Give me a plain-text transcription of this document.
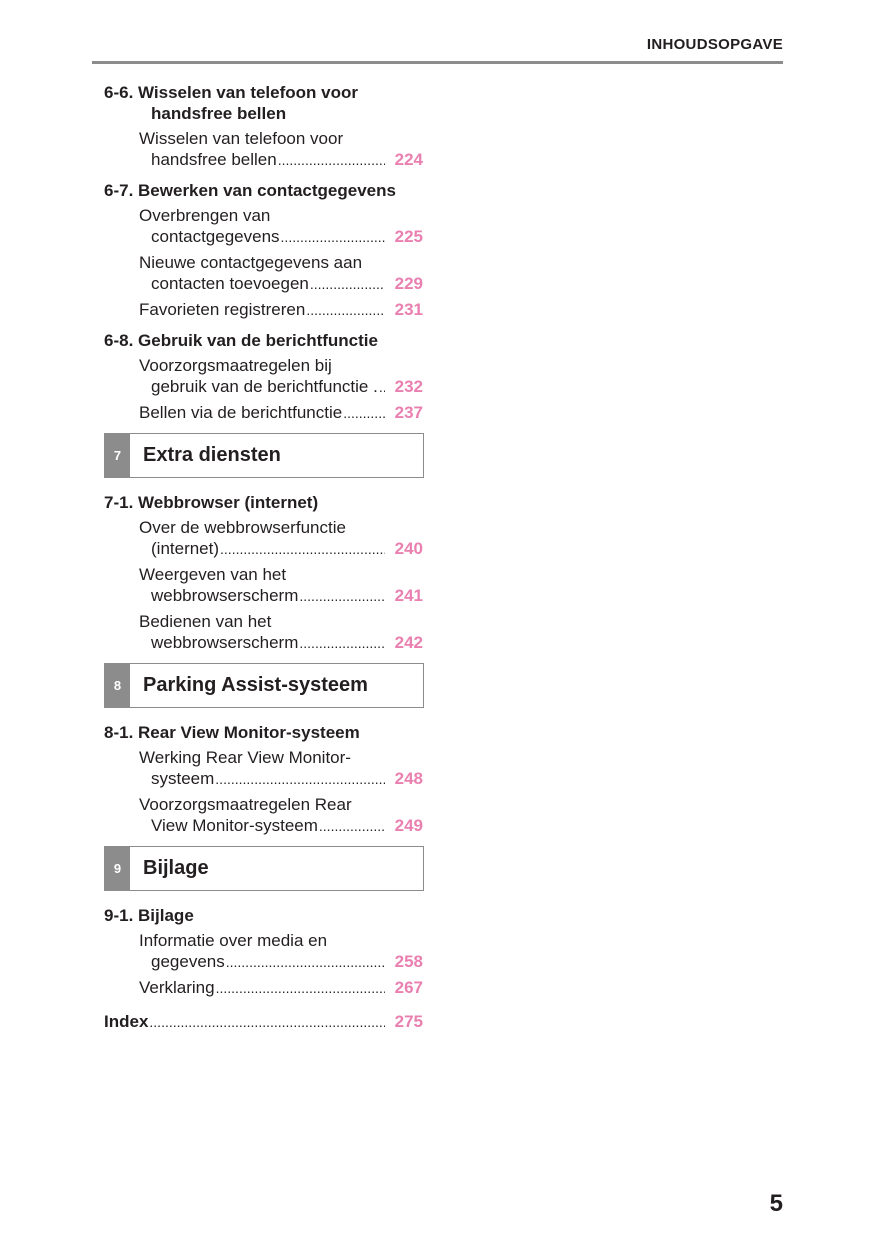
INHOUDSOPGAVE
6-6. Wisselen van telefoon voor
handsfree bellen
Wisselen van telefoon voor
handsfree bellen .....	224
6-7. Bewerken van contactgegevens
Overbrengen van
contactgegevens .....	225
Nieuwe contactgegevens aan
contacten toevoegen .....	229
Favorieten registreren .....	231
6-8. Gebruik van de berichtfunctie
Voorzorgsmaatregelen bij
gebruik van de berichtfunctie . ..... 232
Bellen via de berichtfunctie .....	237
7	Extra diensten
7-1. Webbrowser (internet)
Over de webbrowserfunctie
(internet) .....	240
Weergeven van het
webbrowserscherm .....	241
Bedienen van het
webbrowserscherm .....	242
8	Parking Assist-systeem
8-1. Rear View Monitor-systeem
Werking Rear View Monitor-
systeem .....	248
Voorzorgsmaatregelen Rear
View Monitor-systeem .....	249
9	Bijlage
9-1. Bijlage
Informatie over media en
gegevens .....	258
Verklaring .....	267
Index .....	275
5
